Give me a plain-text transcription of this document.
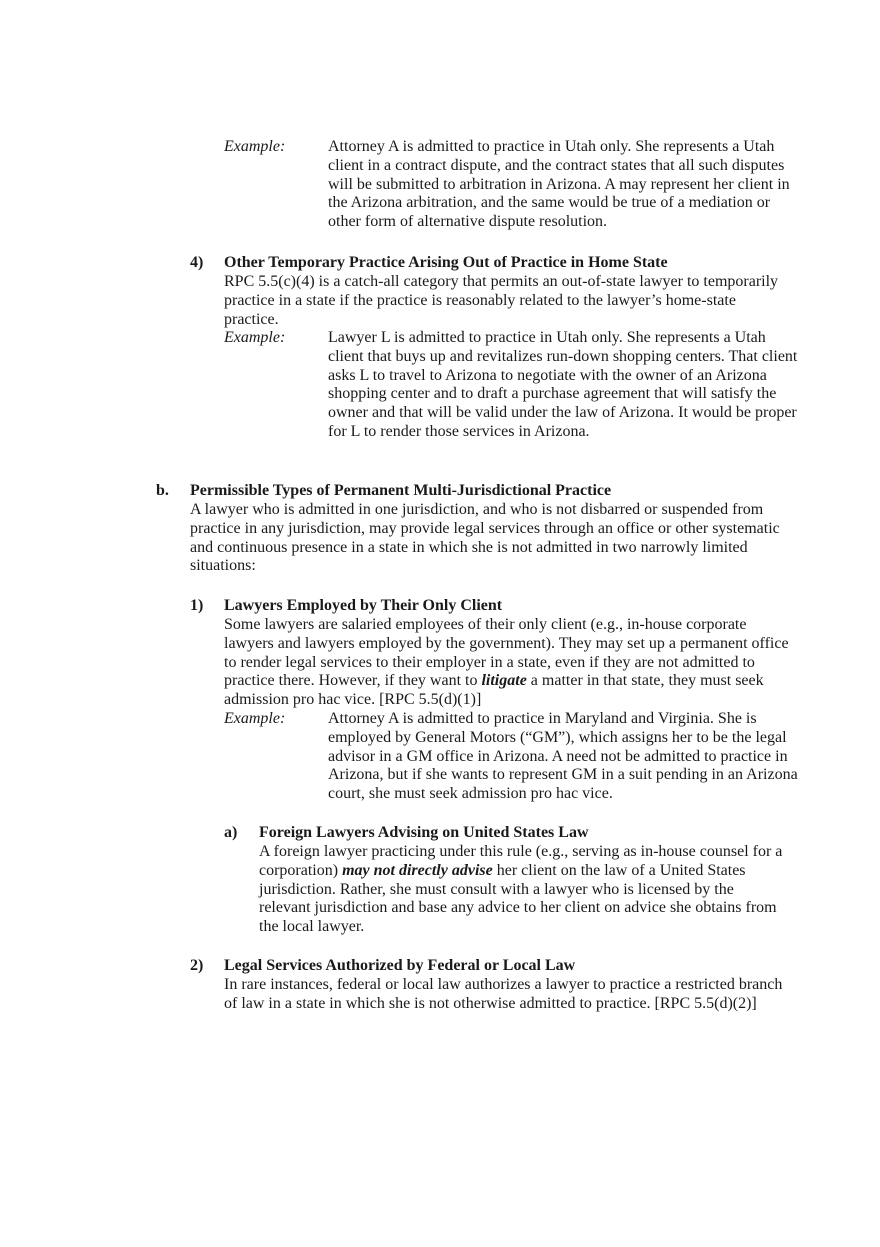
Example:	Attorney A is admitted to practice in Utah only. She represents a Utah client in a contract dispute, and the contract states that all such disputes will be submitted to arbitration in Arizona. A may represent her client in the Arizona arbitration, and the same would be true of a mediation or other form of alternative dispute resolution.

4) Other Temporary Practice Arising Out of Practice in Home State

RPC 5.5(c)(4) is a catch-all category that permits an out-of-state lawyer to temporarily practice in a state if the practice is reasonably related to the lawyer’s home-state practice.

Example:	Lawyer L is admitted to practice in Utah only. She represents a Utah client that buys up and revitalizes run-down shopping centers. That client asks L to travel to Arizona to negotiate with the owner of an Arizona shopping center and to draft a purchase agreement that will satisfy the owner and that will be valid under the law of Arizona. It would be proper for L to render those services in Arizona.

b. Permissible Types of Permanent Multi-Jurisdictional Practice

A lawyer who is admitted in one jurisdiction, and who is not disbarred or suspended from practice in any jurisdiction, may provide legal services through an office or other systematic and continuous presence in a state in which she is not admitted in two narrowly limited situations:

1) Lawyers Employed by Their Only Client

Some lawyers are salaried employees of their only client (e.g., in-house corporate lawyers and lawyers employed by the government). They may set up a permanent office to render legal services to their employer in a state, even if they are not admitted to practice there. However, if they want to litigate a matter in that state, they must seek admission pro hac vice. [RPC 5.5(d)(1)]

Example:	Attorney A is admitted to practice in Maryland and Virginia. She is employed by General Motors (“GM”), which assigns her to be the legal advisor in a GM office in Arizona. A need not be admitted to practice in Arizona, but if she wants to represent GM in a suit pending in an Arizona court, she must seek admission pro hac vice.

a) Foreign Lawyers Advising on United States Law

A foreign lawyer practicing under this rule (e.g., serving as in-house counsel for a corporation) may not directly advise her client on the law of a United States jurisdiction. Rather, she must consult with a lawyer who is licensed by the relevant jurisdiction and base any advice to her client on advice she obtains from the local lawyer.

2) Legal Services Authorized by Federal or Local Law

In rare instances, federal or local law authorizes a lawyer to practice a restricted branch of law in a state in which she is not otherwise admitted to practice. [RPC 5.5(d)(2)]
